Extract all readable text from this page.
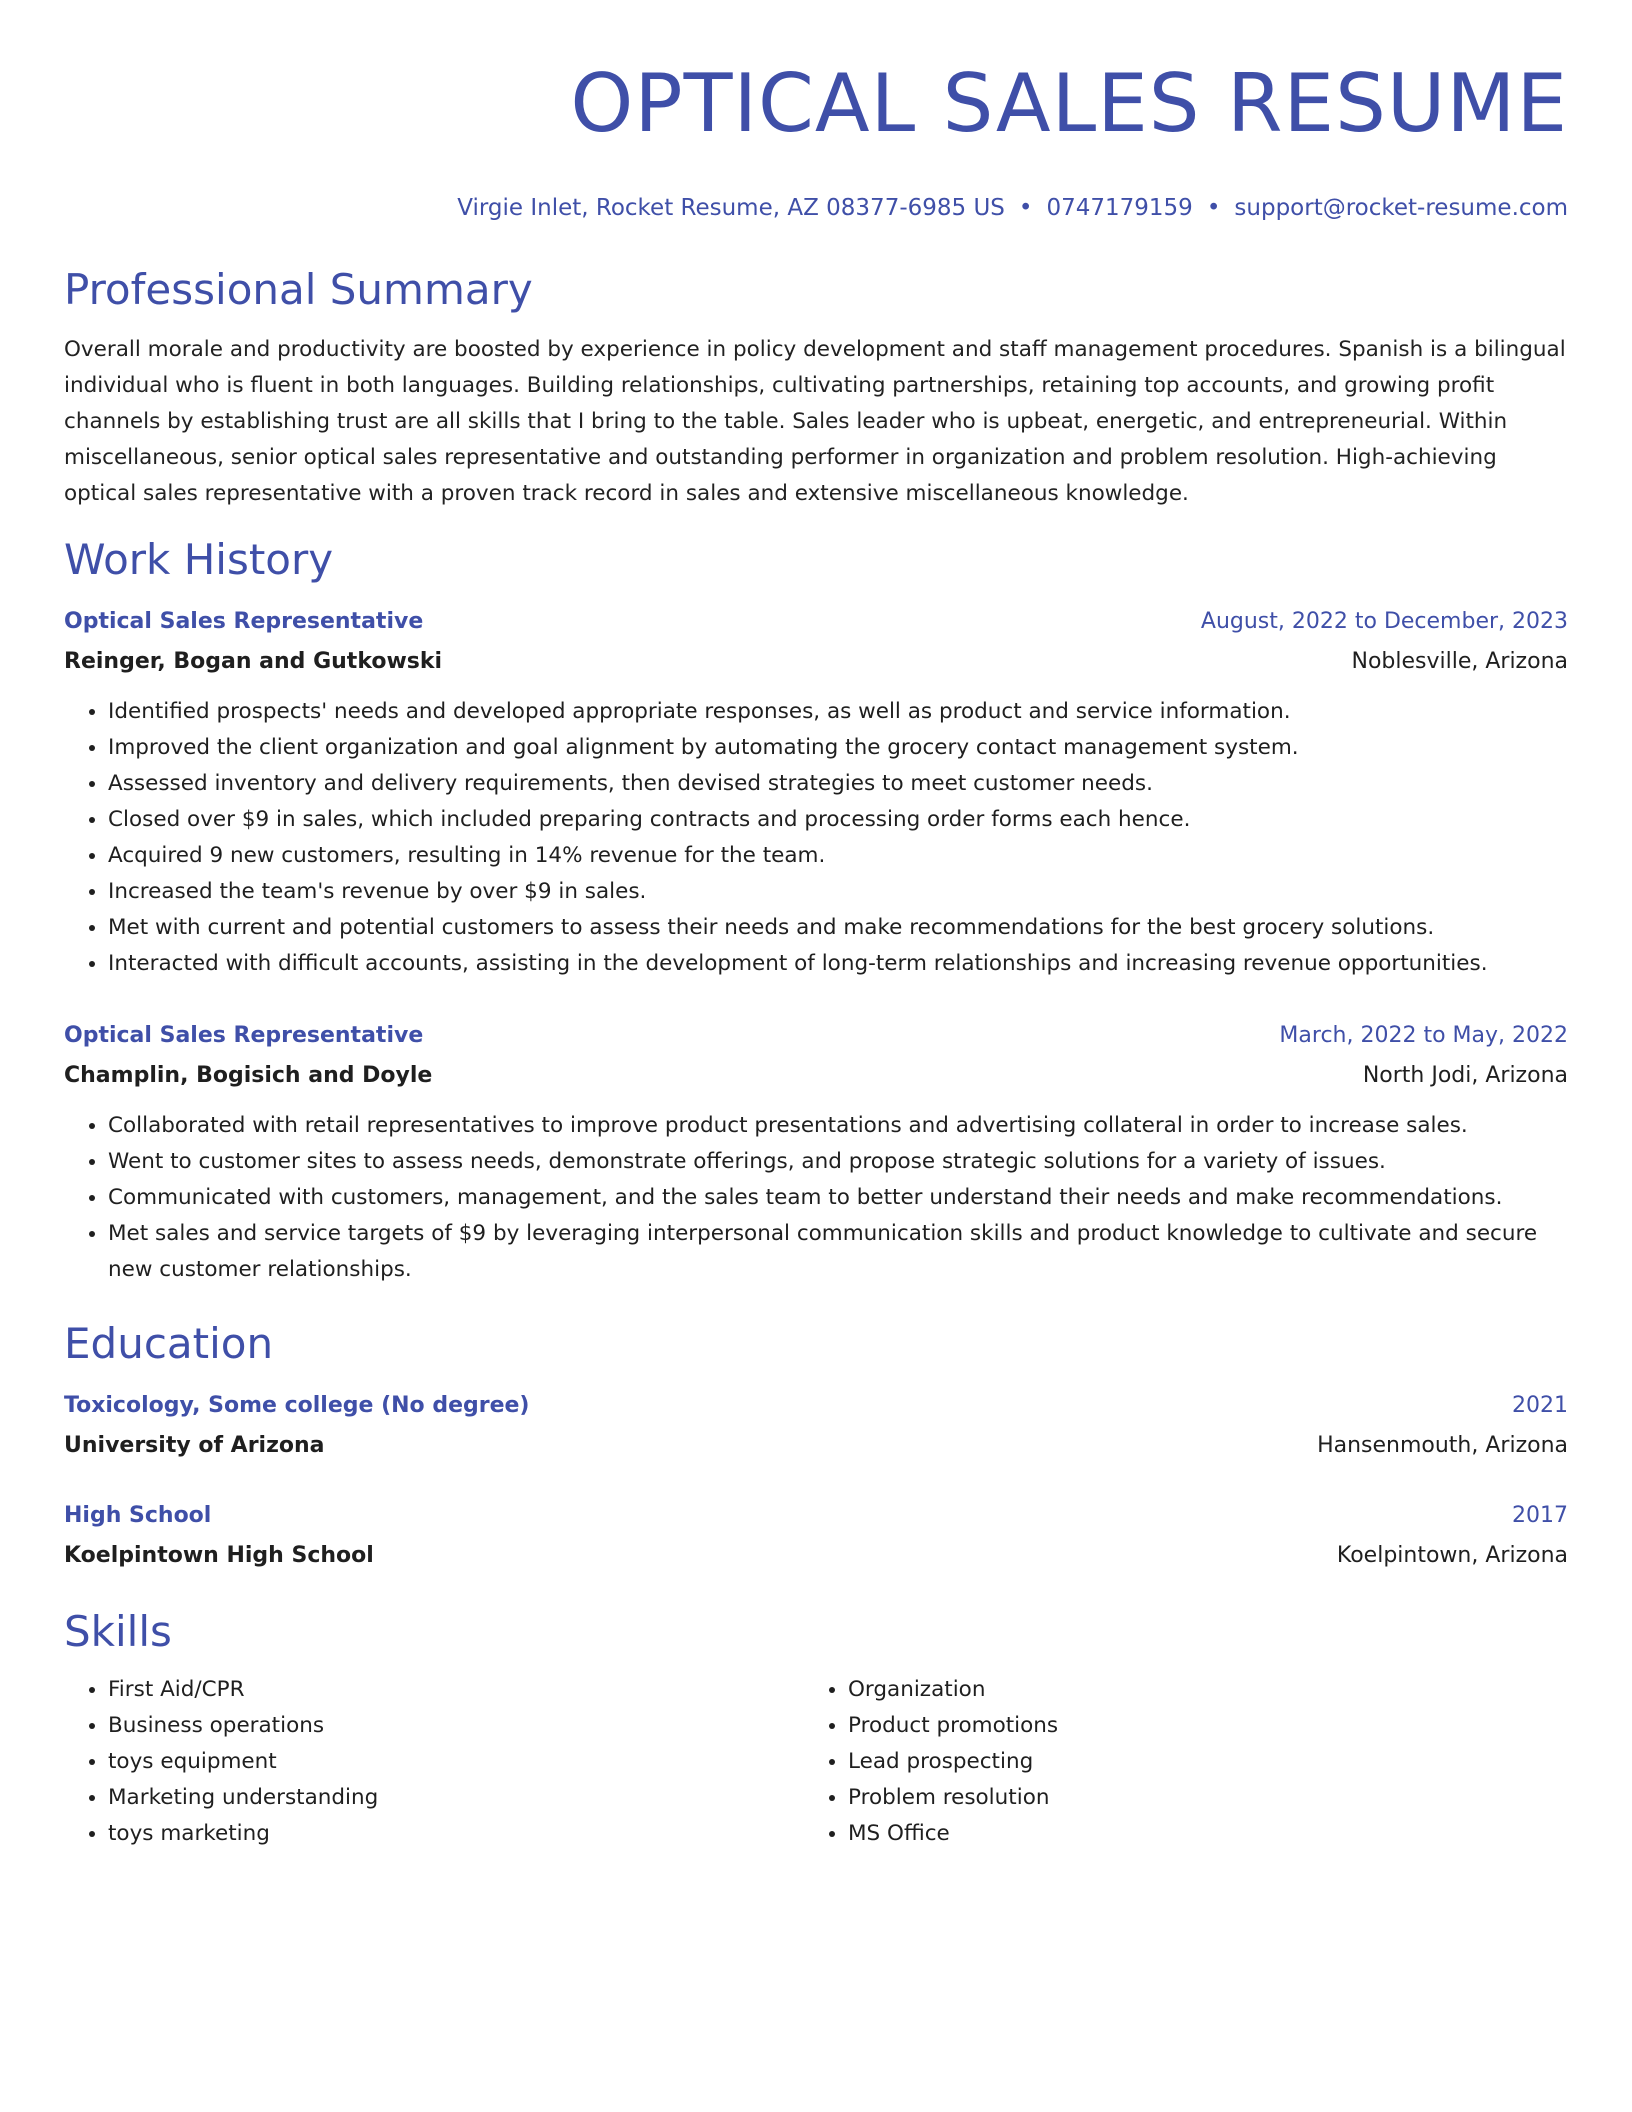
OPTICAL SALES RESUME
Virgie Inlet, Rocket Resume, AZ 08377-6985 US • 0747179159 • support@rocket-resume.com
Professional Summary

Overall morale and productivity are boosted by experience in policy development and staff management procedures. Spanish is a bilingual individual who is fluent in both languages. Building relationships, cultivating partnerships, retaining top accounts, and growing profit channels by establishing trust are all skills that I bring to the table. Sales leader who is upbeat, energetic, and entrepreneurial. Within miscellaneous, senior optical sales representative and outstanding performer in organization and problem resolution. High-achieving optical sales representative with a proven track record in sales and extensive miscellaneous knowledge.

Work History
Optical Sales Representative	August, 2022 to December, 2023
Reinger, Bogan and Gutkowski	Noblesville, Arizona
• Identified prospects' needs and developed appropriate responses, as well as product and service information.
• Improved the client organization and goal alignment by automating the grocery contact management system.
• Assessed inventory and delivery requirements, then devised strategies to meet customer needs.
• Closed over $9 in sales, which included preparing contracts and processing order forms each hence.
• Acquired 9 new customers, resulting in 14% revenue for the team.
• Increased the team's revenue by over $9 in sales.
• Met with current and potential customers to assess their needs and make recommendations for the best grocery solutions.
• Interacted with difficult accounts, assisting in the development of long-term relationships and increasing revenue opportunities.
Optical Sales Representative	March, 2022 to May, 2022
Champlin, Bogisich and Doyle	North Jodi, Arizona
• Collaborated with retail representatives to improve product presentations and advertising collateral in order to increase sales.
• Went to customer sites to assess needs, demonstrate offerings, and propose strategic solutions for a variety of issues.
• Communicated with customers, management, and the sales team to better understand their needs and make recommendations.
• Met sales and service targets of $9 by leveraging interpersonal communication skills and product knowledge to cultivate and secure new customer relationships.
Education
Toxicology, Some college (No degree)	2021
University of Arizona	Hansenmouth, Arizona
High School	2017
Koelpintown High School	Koelpintown, Arizona
Skills
• First Aid/CPR
• Business operations
• toys equipment
• Marketing understanding
• toys marketing
• Organization
• Product promotions
• Lead prospecting
• Problem resolution
• MS Office
